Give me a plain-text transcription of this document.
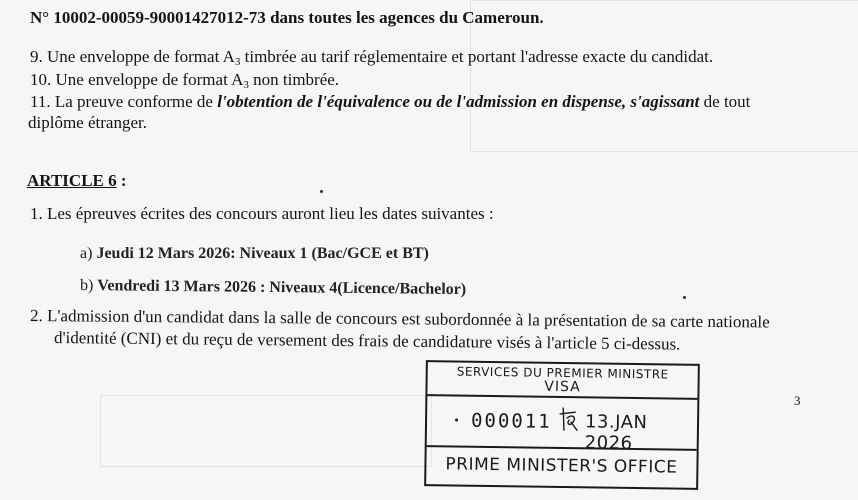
N° 10002-00059-90001427012-73 dans toutes les agences du Cameroun.
9. Une enveloppe de format $A_3$ timbrée au tarif réglementaire et portant l'adresse exacte du candidat.
10. Une enveloppe de format $A_3$ non timbrée.
11. La preuve conforme de l'obtention de l'équivalence ou de l'admission en dispense, s'agissant de tout
diplôme étranger.
ARTICLE 6 :
1. Les épreuves écrites des concours auront lieu les dates suivantes :
a) Jeudi 12 Mars 2026: Niveaux 1 (Bac/GCE et BT)
b) Vendredi 13 Mars 2026 : Niveaux 4(Licence/Bachelor)
2. L'admission d'un candidat dans la salle de concours est subordonnée à la présentation de sa carte nationale
d'identité (CNI) et du reçu de versement des frais de candidature visés à l'article 5 ci-dessus.
SERVICES DU PREMIER MINISTRE
VISA
000011 13.JAN 2026
PRIME MINISTER'S OFFICE
3
